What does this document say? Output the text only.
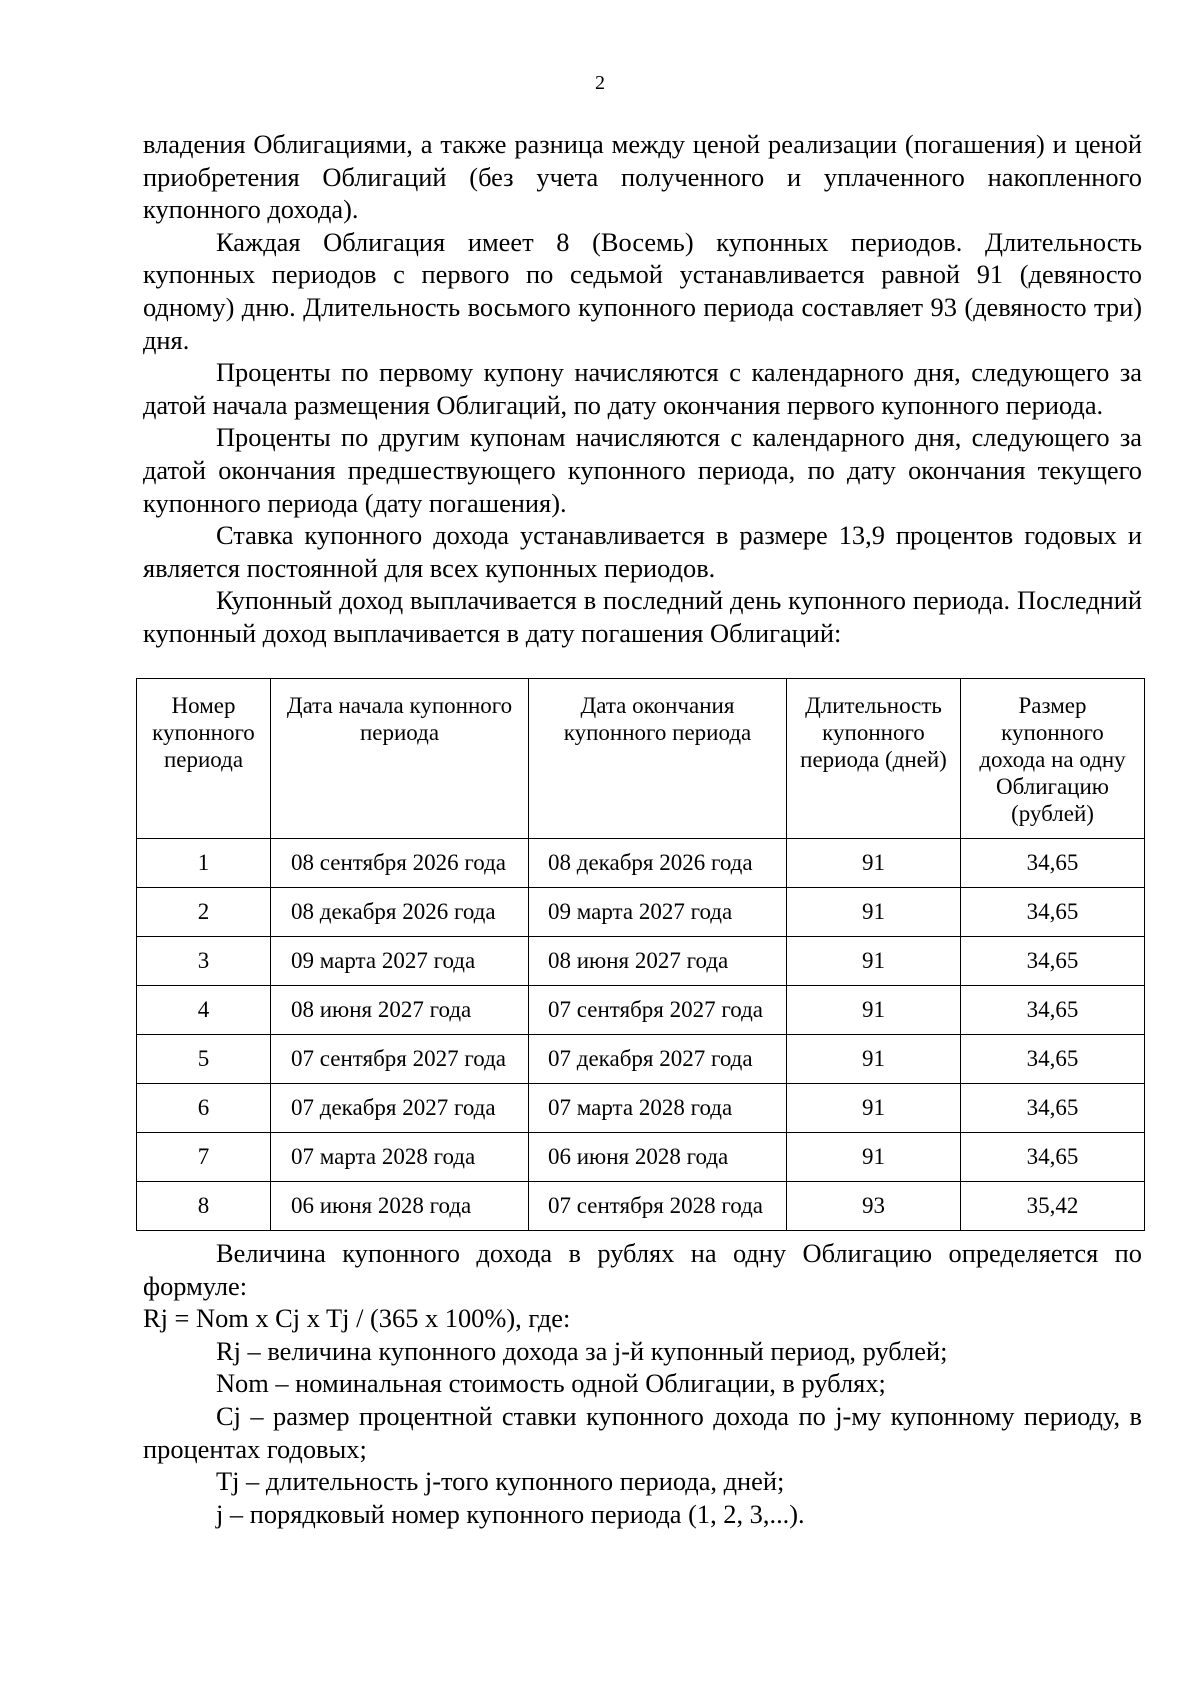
2

владения Облигациями, а также разница между ценой реализации (погашения) и ценой приобретения Облигаций (без учета полученного и уплаченного накопленного купонного дохода).

Каждая Облигация имеет 8 (Восемь) купонных периодов. Длительность купонных периодов с первого по седьмой устанавливается равной 91 (девяносто одному) дню. Длительность восьмого купонного периода составляет 93 (девяносто три) дня.

Проценты по первому купону начисляются с календарного дня, следующего за датой начала размещения Облигаций, по дату окончания первого купонного периода.

Проценты по другим купонам начисляются с календарного дня, следующего за датой окончания предшествующего купонного периода, по дату окончания текущего купонного периода (дату погашения).

Ставка купонного дохода устанавливается в размере 13,9 процентов годовых и является постоянной для всех купонных периодов.

Купонный доход выплачивается в последний день купонного периода. Последний купонный доход выплачивается в дату погашения Облигаций:

Номер купонного периода	Дата начала купонного периода	Дата окончания купонного периода	Длительность купонного периода (дней)	Размер купонного дохода на одну Облигацию (рублей)
1	08 сентября 2026 года	08 декабря 2026 года	91	34,65
2	08 декабря 2026 года	09 марта 2027 года	91	34,65
3	09 марта 2027 года	08 июня 2027 года	91	34,65
4	08 июня 2027 года	07 сентября 2027 года	91	34,65
5	07 сентября 2027 года	07 декабря 2027 года	91	34,65
6	07 декабря 2027 года	07 марта 2028 года	91	34,65
7	07 марта 2028 года	06 июня 2028 года	91	34,65
8	06 июня 2028 года	07 сентября 2028 года	93	35,42

Величина купонного дохода в рублях на одну Облигацию определяется по формуле:

Rj = Nom x Cj x Tj / (365 x 100%), где:

Rj – величина купонного дохода за j-й купонный период, рублей;

Nom – номинальная стоимость одной Облигации, в рублях;

Cj – размер процентной ставки купонного дохода по j-му купонному периоду, в процентах годовых;

Tj – длительность j-того купонного периода, дней;

j – порядковый номер купонного периода (1, 2, 3,...).
